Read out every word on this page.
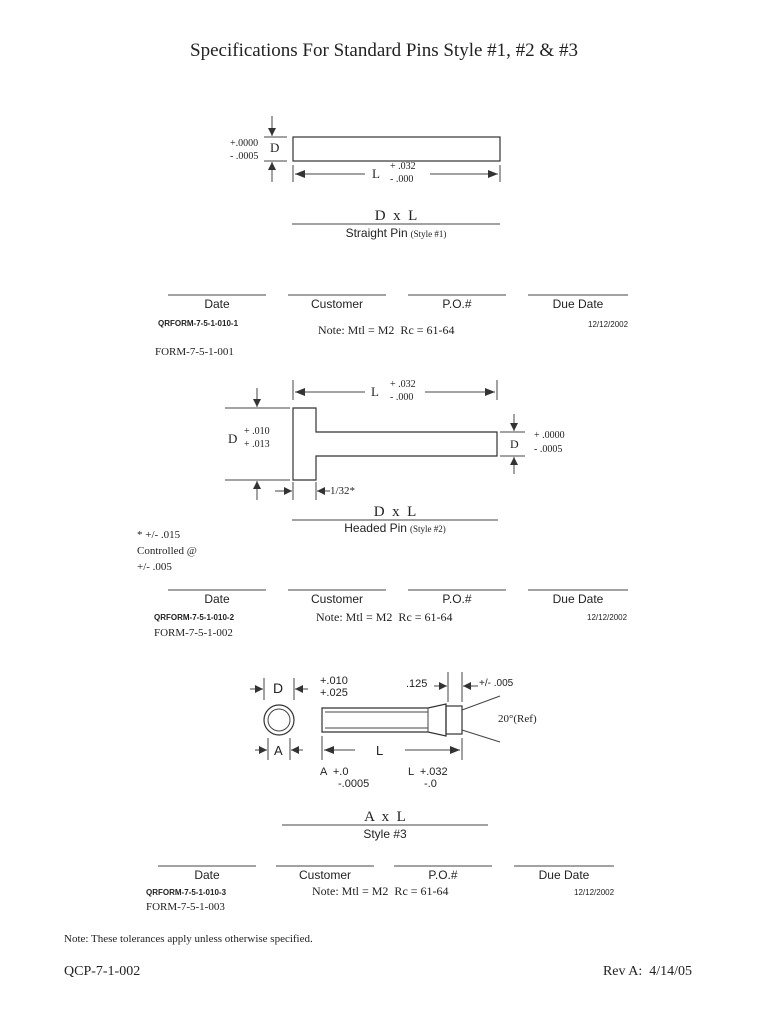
Specifications For Standard Pins Style #1, #2 & #3
+.0000
- .0005
D
L + .032
- .000
D  x  L
Straight Pin (Style #1)
Date	Customer	P.O.#	Due Date
QRFORM-7-5-1-010-1	Note: Mtl = M2  Rc = 61-64	12/12/2002
FORM-7-5-1-001
L + .032
- .000
D + .010
+ .013	D
+ .0000
- .0005
1/32*
D  x  L
Headed Pin (Style #2)
* +/- .015
Controlled @
+/- .005
Date	Customer	P.O.#	Due Date
QRFORM-7-5-1-010-2	Note: Mtl = M2  Rc = 61-64	12/12/2002
FORM-7-5-1-002
D	+.010
+.025
.125	+/- .005
20°(Ref)
A	L
A  +.0
-.0005
L  +.032
-.0
A  x  L
Style #3
Date	Customer	P.O.#	Due Date
QRFORM-7-5-1-010-3	Note: Mtl = M2  Rc = 61-64	12/12/2002
FORM-7-5-1-003
Note: These tolerances apply unless otherwise specified.
QCP-7-1-002	Rev A:  4/14/05
